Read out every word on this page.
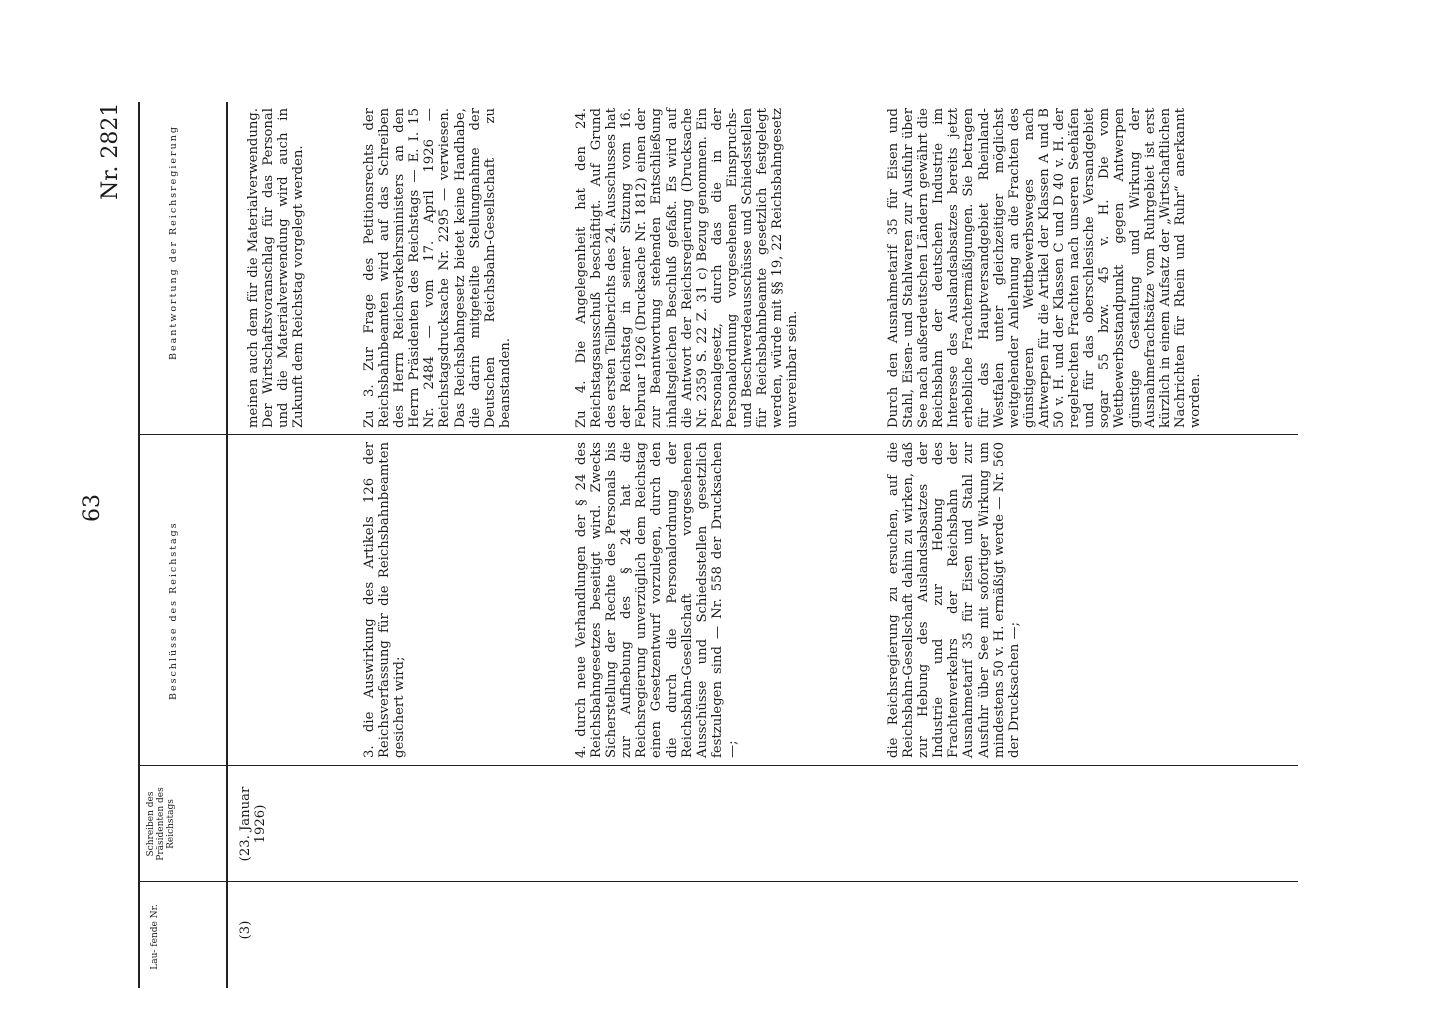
63
Nr. 2821
Lau- fende Nr.
Schreiben des Präsidenten des Reichstags
Beschlüsse des Reichstags
Beantwortung der Reichsregierung
(3)
(23. Januar 1926)
meinen auch dem für die Materialverwendung. Der Wirtschaftsvoranschlag für das Personal und die Materialverwendung wird auch in Zukunft dem Reichstag vorgelegt werden.
3. die Auswirkung des Artikels 126 der Reichsverfassung für die Reichsbahnbeamten gesichert wird;
Zu 3. Zur Frage des Petitionsrechts der Reichsbahnbeamten wird auf das Schreiben des Herrn Reichsverkehrsministers an den Herrn Präsidenten des Reichstags — E. I. 15 Nr. 2484 — vom 17. April 1926 — Reichstagsdrucksache Nr. 2295 — verwiesen. Das Reichsbahngesetz bietet keine Handhabe, die darin mitgeteilte Stellungnahme der Deutschen Reichsbahn-Gesellschaft zu beanstanden.
4. durch neue Verhandlungen der § 24 des Reichsbahngesetzes beseitigt wird. Zwecks Sicherstellung der Rechte des Personals bis zur Aufhebung des § 24 hat die Reichsregierung unverzüglich dem Reichstag einen Gesetzentwurf vorzulegen, durch den die durch die Personalordnung der Reichsbahn-Gesellschaft vorgesehenen Ausschüsse und Schiedsstellen gesetzlich festzulegen sind — Nr. 558 der Drucksachen —;
Zu 4. Die Angelegenheit hat den 24. Reichstagsausschuß beschäftigt. Auf Grund des ersten Teilberichts des 24. Ausschusses hat der Reichstag in seiner Sitzung vom 16. Februar 1926 (Drucksache Nr. 1812) einen der zur Beantwortung stehenden Entschließung inhaltsgleichen Beschluß gefaßt. Es wird auf die Antwort der Reichsregierung (Drucksache Nr. 2359 S. 22 Z. 31 c) Bezug genommen. Ein Personalgesetz, durch das die in der Personalordnung vorgesehenen Einspruchs- und Beschwerdeausschüsse und Schiedsstellen für Reichsbahnbeamte gesetzlich festgelegt werden, würde mit §§ 19, 22 Reichsbahngesetz unvereinbar sein.
die Reichsregierung zu ersuchen, auf die Reichsbahn-Gesellschaft dahin zu wirken, daß zur Hebung des Auslandsabsatzes der Industrie und zur Hebung des Frachtenverkehrs der Reichsbahn der Ausnahmetarif 35 für Eisen und Stahl zur Ausfuhr über See mit sofortiger Wirkung um mindestens 50 v. H. ermäßigt werde — Nr. 560 der Drucksachen —;
Durch den Ausnahmetarif 35 für Eisen und Stahl, Eisen- und Stahlwaren zur Ausfuhr über See nach außerdeutschen Ländern gewährt die Reichsbahn der deutschen Industrie im Interesse des Auslandsabsatzes bereits jetzt erhebliche Frachtermäßigungen. Sie betragen für das Hauptversandgebiet Rheinland-Westfalen unter gleichzeitiger möglichst weitgehender Anlehnung an die Frachten des günstigeren Wettbewerbsweges nach Antwerpen für die Artikel der Klassen A und B 50 v. H. und der Klassen C und D 40 v. H. der regelrechten Frachten nach unseren Seehäfen und für das oberschlesische Versandgebiet sogar 55 bzw. 45 v. H. Die vom Wettbewerbsstandpunkt gegen Antwerpen günstige Gestaltung und Wirkung der Ausnahmefrachtsätze vom Ruhrgebiet ist erst kürzlich in einem Aufsatz der „Wirtschaftlichen Nachrichten für Rhein und Ruhr“ anerkannt worden.
